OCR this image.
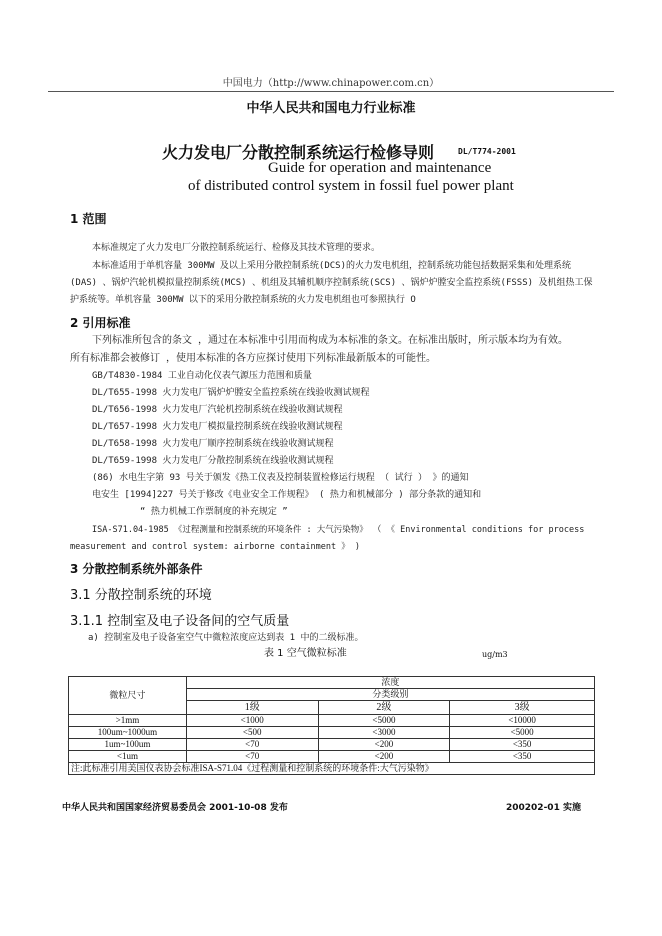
中国电力（http://www.chinapower.com.cn）
中华人民共和国电力行业标准
火力发电厂分散控制系统运行检修导则	DL/T774-2001
Guide for operation and maintenance
of distributed control system in fossil fuel power plant
1 范围
本标准规定了火力发电厂分散控制系统运行、检修及其技术管理的要求。
本标准适用于单机容量 300MW 及以上采用分散控制系统(DCS)的火力发电机组，控制系统功能包括数据采集和处理系统
(DAS) 、锅炉汽轮机模拟量控制系统(MCS) 、机组及其辅机顺序控制系统(SCS) 、锅炉炉膛安全监控系统(FSSS) 及机组热工保
护系统等。单机容量 300MW 以下的采用分散控制系统的火力发电机组也可参照执行 O
2 引用标准
下列标准所包含的条文 ，通过在本标准中引用而构成为本标准的条文。在标准出版时，所示版本均为有效。
所有标准都会被修订 ，使用本标准的各方应探讨使用下列标准最新版本的可能性。
GB/T4830-1984 工业自动化仪表气源压力范围和质量
DL/T655-1998 火力发电厂锅炉炉膛安全监控系统在线验收测试规程
DL/T656-1998 火力发电厂汽轮机控制系统在线验收测试规程
DL/T657-1998 火力发电厂模拟量控制系统在线验收测试规程
DL/T658-1998 火力发电厂顺序控制系统在线验收测试规程
DL/T659-1998 火力发电厂分散控制系统在线验收测试规程
(86) 水电生字第 93 号关于颁发《热工仪表及控制装置检修运行规程 （ 试行 ） 》的通知
电安生 [1994]227 号关于修改《电业安全工作规程》 ( 热力和机械部分 ) 部分条款的通知和
“ 热力机械工作票制度的补充规定 ”
ISA-S71.04-1985 《过程测量和控制系统的环境条件 : 大气污染物》 （ 《 Environmental conditions for process
measurement and control system: airborne containment 》 )
3 分散控制系统外部条件
3.1 分散控制系统的环境
3.1.1 控制室及电子设备间的空气质量
a) 控制室及电子设备室空气中微粒浓度应达到表 1 中的二级标准。
表 1 空气微粒标准	ug/m3
微粒尺寸	浓度		
	分类级别		
	1级	2级	3级
>1mm	<1000	<5000	<10000
100um~1000um	<500	<3000	<5000
1um~100um	<70	<200	<350
<1um	<70	<200	<350
注:此标准引用美国仪表协会标准ISA-S71.04《过程测量和控制系统的环境条件:大气污染物》			
中华人民共和国国家经济贸易委员会 2001-10-08 发布	200202-01 实施
